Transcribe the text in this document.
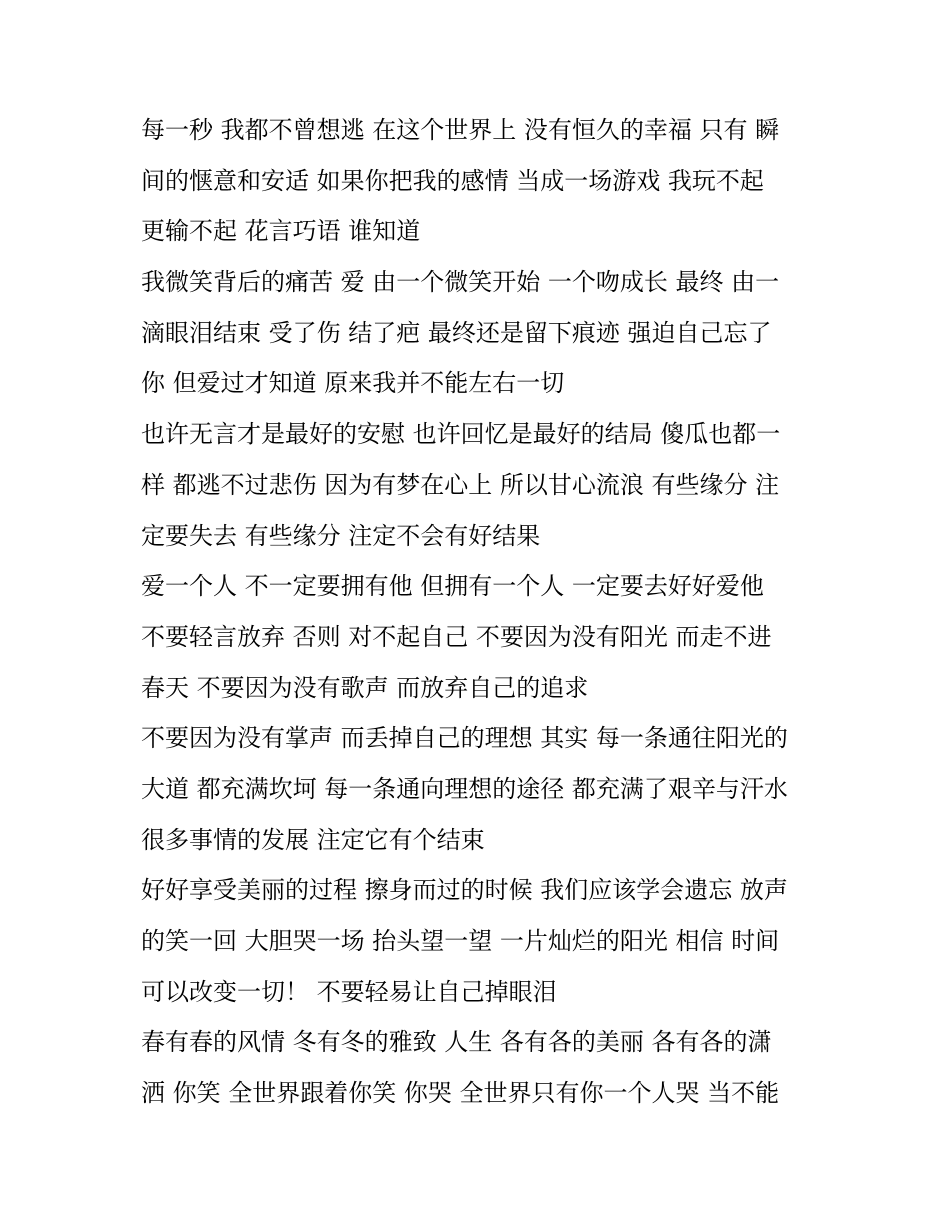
每一秒 我都不曾想逃 在这个世界上 没有恒久的幸福 只有 瞬
间的惬意和安适 如果你把我的感情 当成一场游戏 我玩不起
更输不起 花言巧语 谁知道
我微笑背后的痛苦 爱 由一个微笑开始 一个吻成长 最终 由一
滴眼泪结束 受了伤 结了疤 最终还是留下痕迹 强迫自己忘了
你 但爱过才知道 原来我并不能左右一切
也许无言才是最好的安慰 也许回忆是最好的结局 傻瓜也都一
样 都逃不过悲伤 因为有梦在心上 所以甘心流浪 有些缘分 注
定要失去 有些缘分 注定不会有好结果
爱一个人 不一定要拥有他 但拥有一个人 一定要去好好爱他
不要轻言放弃 否则 对不起自己 不要因为没有阳光 而走不进
春天 不要因为没有歌声 而放弃自己的追求
不要因为没有掌声 而丢掉自己的理想 其实 每一条通往阳光的
大道 都充满坎坷 每一条通向理想的途径 都充满了艰辛与汗水
很多事情的发展 注定它有个结束
好好享受美丽的过程 擦身而过的时候 我们应该学会遗忘 放声
的笑一回 大胆哭一场 抬头望一望 一片灿烂的阳光 相信 时间
可以改变一切！ 不要轻易让自己掉眼泪
春有春的风情 冬有冬的雅致 人生 各有各的美丽 各有各的潇
洒 你笑 全世界跟着你笑 你哭 全世界只有你一个人哭 当不能
